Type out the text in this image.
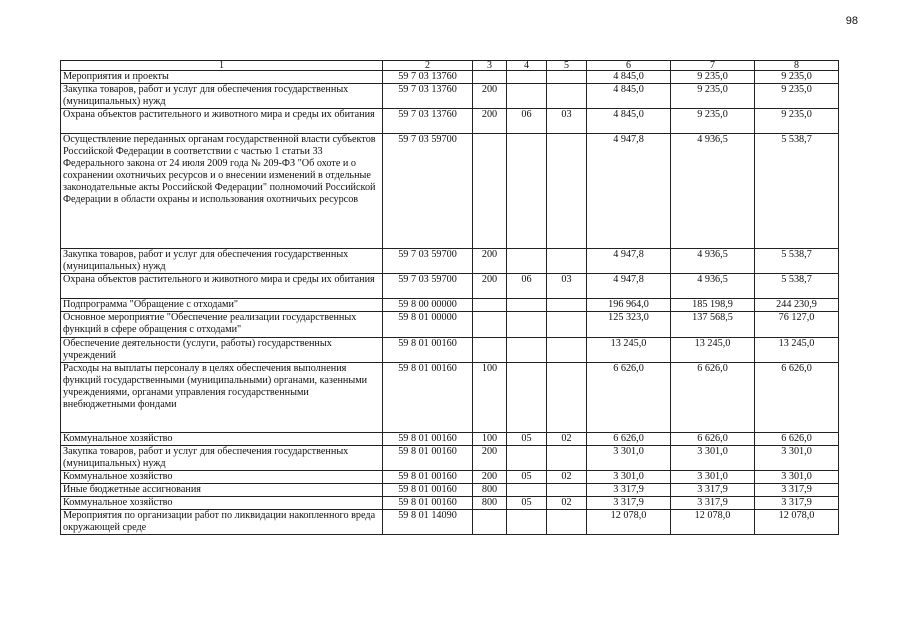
98
1	2	3	4	5	6	7	8
Мероприятия и проекты	59 7 03 13760				4 845,0	9 235,0	9 235,0
Закупка товаров, работ и услуг для обеспечения государственных (муниципальных) нужд	59 7 03 13760	200			4 845,0	9 235,0	9 235,0
Охрана объектов растительного и животного мира и среды их обитания	59 7 03 13760	200	06	03	4 845,0	9 235,0	9 235,0
Осуществление переданных органам государственной власти субъектов Российской Федерации в соответствии с частью 1 статьи 33 Федерального закона от 24 июля 2009 года № 209-ФЗ "Об охоте и о сохранении охотничьих ресурсов и о внесении изменений в отдельные законодательные акты Российской Федерации" полномочий Российской Федерации в области охраны и использования охотничьих ресурсов	59 7 03 59700				4 947,8	4 936,5	5 538,7
Закупка товаров, работ и услуг для обеспечения государственных (муниципальных) нужд	59 7 03 59700	200			4 947,8	4 936,5	5 538,7
Охрана объектов растительного и животного мира и среды их обитания	59 7 03 59700	200	06	03	4 947,8	4 936,5	5 538,7
Подпрограмма "Обращение с отходами"	59 8 00 00000				196 964,0	185 198,9	244 230,9
Основное мероприятие "Обеспечение реализации государственных функций в сфере обращения с отходами"	59 8 01 00000				125 323,0	137 568,5	76 127,0
Обеспечение деятельности (услуги, работы) государственных учреждений	59 8 01 00160				13 245,0	13 245,0	13 245,0
Расходы на выплаты персоналу в целях обеспечения выполнения функций государственными (муниципальными) органами, казенными учреждениями, органами управления государственными внебюджетными фондами	59 8 01 00160	100			6 626,0	6 626,0	6 626,0
Коммунальное хозяйство	59 8 01 00160	100	05	02	6 626,0	6 626,0	6 626,0
Закупка товаров, работ и услуг для обеспечения государственных (муниципальных) нужд	59 8 01 00160	200			3 301,0	3 301,0	3 301,0
Коммунальное хозяйство	59 8 01 00160	200	05	02	3 301,0	3 301,0	3 301,0
Иные бюджетные ассигнования	59 8 01 00160	800			3 317,9	3 317,9	3 317,9
Коммунальное хозяйство	59 8 01 00160	800	05	02	3 317,9	3 317,9	3 317,9
Мероприятия по организации работ по ликвидации накопленного вреда окружающей среде	59 8 01 14090				12 078,0	12 078,0	12 078,0
